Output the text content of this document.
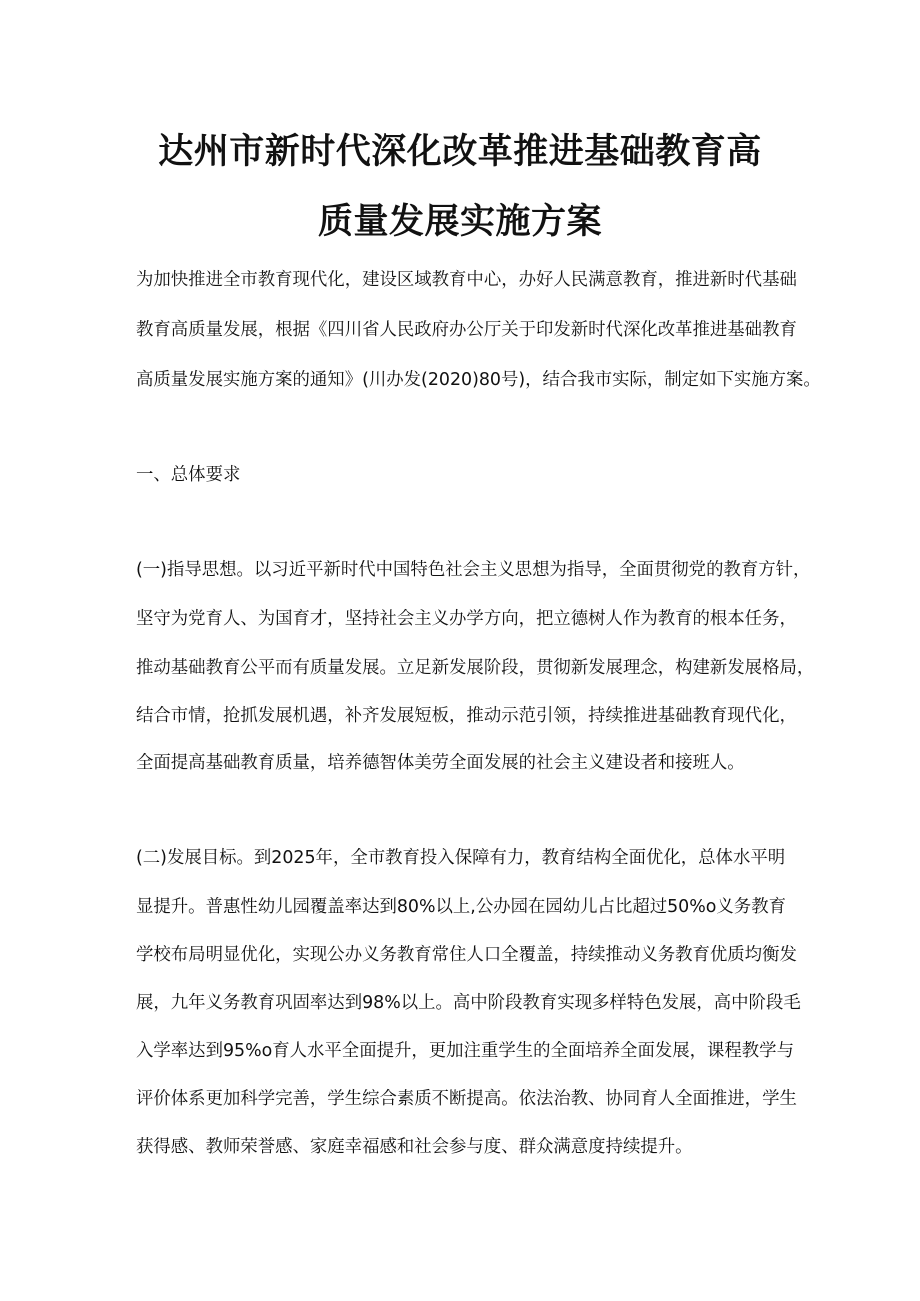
达州市新时代深化改革推进基础教育高
质量发展实施方案
为加快推进全市教育现代化，建设区域教育中心，办好人民满意教育，推进新时代基础
教育高质量发展，根据《四川省人民政府办公厅关于印发新时代深化改革推进基础教育
高质量发展实施方案的通知》(川办发(2020)80号)，结合我市实际，制定如下实施方案。
一、总体要求
(一)指导思想。以习近平新时代中国特色社会主义思想为指导，全面贯彻党的教育方针，
坚守为党育人、为国育才，坚持社会主义办学方向，把立德树人作为教育的根本任务，
推动基础教育公平而有质量发展。立足新发展阶段，贯彻新发展理念，构建新发展格局，
结合市情，抢抓发展机遇，补齐发展短板，推动示范引领，持续推进基础教育现代化，
全面提高基础教育质量，培养德智体美劳全面发展的社会主义建设者和接班人。
(二)发展目标。到2025年，全市教育投入保障有力，教育结构全面优化，总体水平明
显提升。普惠性幼儿园覆盖率达到80%以上,公办园在园幼儿占比超过50%o义务教育
学校布局明显优化，实现公办义务教育常住人口全覆盖，持续推动义务教育优质均衡发
展，九年义务教育巩固率达到98%以上。高中阶段教育实现多样特色发展，高中阶段毛
入学率达到95%o育人水平全面提升，更加注重学生的全面培养全面发展，课程教学与
评价体系更加科学完善，学生综合素质不断提高。依法治教、协同育人全面推进，学生
获得感、教师荣誉感、家庭幸福感和社会参与度、群众满意度持续提升。
